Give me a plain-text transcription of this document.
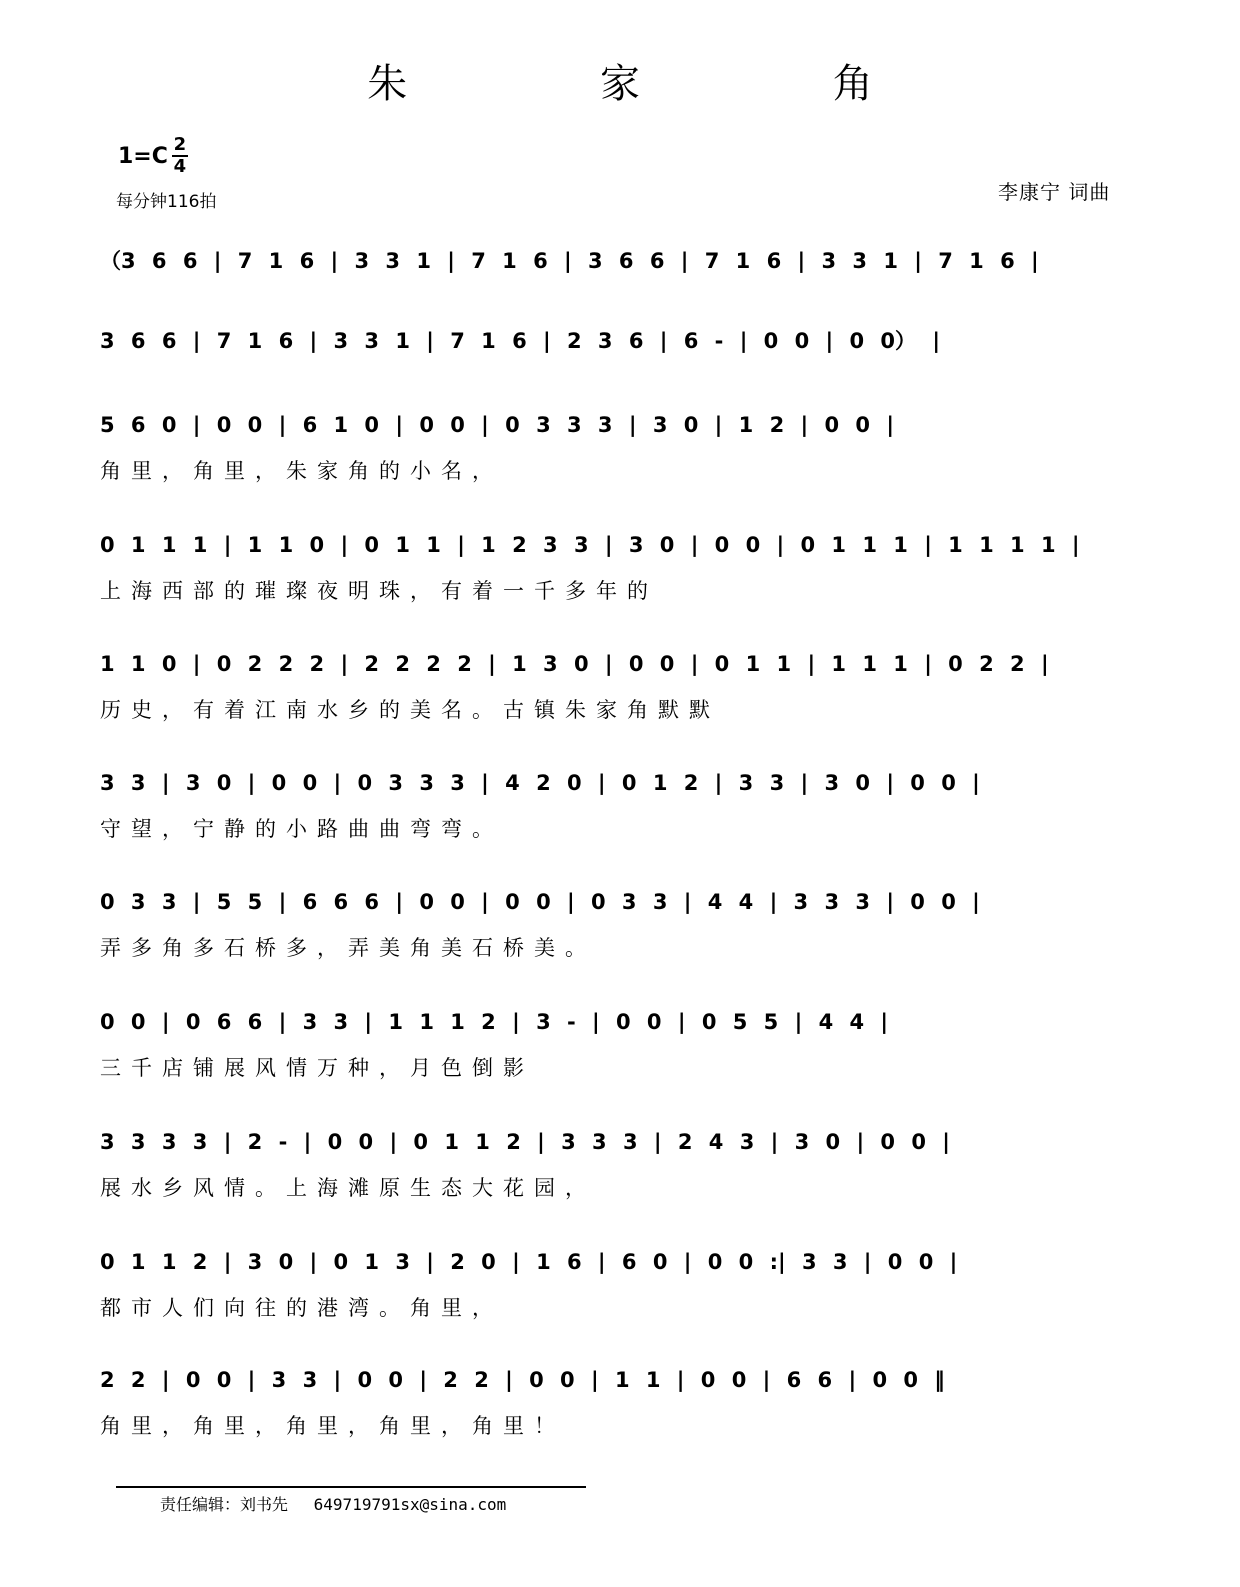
朱 家 角
$1=C \frac{2}{4}$
每分钟116拍	李康宁 词曲
（3 6 6 | 7 1 6 | 3 3 1 | 7 1 6 | 3 6 6 | 7 1 6 | 3 3 1 | 7 1 6 |
3 6 6 | 7 1 6 | 3 3 1 | 7 1 6 | 2 3 6 | 6 - | 0 0 | 0 0） |
5 6 0 | 0 0 | 6 1 0 | 0 0 | 0 3 3 3 | 3 0 | 1 2 | 0 0 |
角里，角里，朱家角的小名，
0 1 1 1 | 1 1 0 | 0 1 1 | 1 2 3 3 | 3 0 | 0 0 | 0 1 1 1 | 1 1 1 1 |
上海西部的璀璨夜明珠，有着一千多年的
1 1 0 | 0 2 2 2 | 2 2 2 2 | 1 3 0 | 0 0 | 0 1 1 | 1 1 1 | 0 2 2 |
历史，有着江南水乡的美名。古镇朱家角默默
3 3 | 3 0 | 0 0 | 0 3 3 3 | 4 2 0 | 0 1 2 | 3 3 | 3 0 | 0 0 |
守望，宁静的小路曲曲弯弯。
0 3 3 | 5 5 | 6 6 6 | 0 0 | 0 0 | 0 3 3 | 4 4 | 3 3 3 | 0 0 |
弄多角多石桥多，弄美角美石桥美。
0 0 | 0 6 6 | 3 3 | 1 1 1 2 | 3 - | 0 0 | 0 5 5 | 4 4 |
三千店铺展风情万种，月色倒影
3 3 3 3 | 2 - | 0 0 | 0 1 1 2 | 3 3 3 | 2 4 3 | 3 0 | 0 0 |
展水乡风情。上海滩原生态大花园，
0 1 1 2 | 3 0 | 0 1 3 | 2 0 | 1 6 | 6 0 | 0 0 :| 3 3 | 0 0 |
都市人们向往的港湾。角里，
2 2 | 0 0 | 3 3 | 0 0 | 2 2 | 0 0 | 1 1 | 0 0 | 6 6 | 0 0 ‖
角里，角里，角里，角里，角里！
责任编辑：刘书先 649719791sx@sina.com
